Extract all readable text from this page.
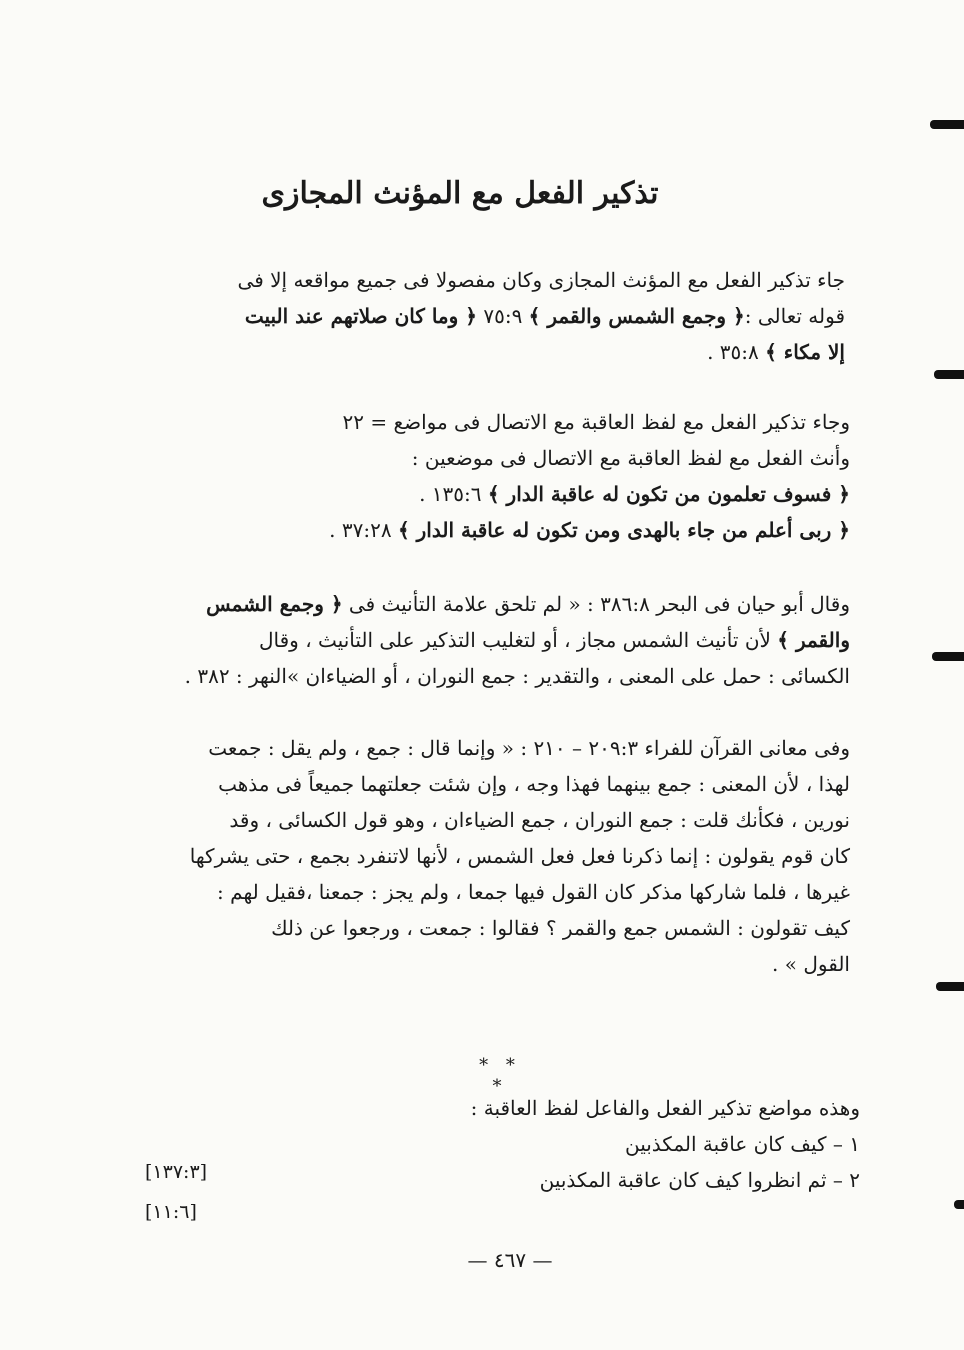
تذكير الفعل مع المؤنث المجازى
جاء تذكير الفعل مع المؤنث المجازى وكان مفصولا فى جميع مواقعه إلا فى
قوله تعالى :﴿ وجمع الشمس والقمر ﴾ ٧٥:٩ ﴿ وما كان صلاتهم عند البيت
إلا مكاء ﴾ ٣٥:٨ .
وجاء تذكير الفعل مع لفظ العاقبة مع الاتصال فى مواضع = ٢٢
وأنث الفعل مع لفظ العاقبة مع الاتصال فى موضعين :
﴿ فسوف تعلمون من تكون له عاقبة الدار ﴾ ١٣٥:٦ .
﴿ ربى أعلم من جاء بالهدى ومن تكون له عاقبة الدار ﴾ ٣٧:٢٨ .
وقال أبو حيان فى البحر ٣٨٦:٨ : « لم تلحق علامة التأنيث فى ﴿ وجمع الشمس
والقمر ﴾ لأن تأنيث الشمس مجاز ، أو لتغليب التذكير على التأنيث ، وقال
الكسائى : حمل على المعنى ، والتقدير : جمع النوران ، أو الضياءان »النهر : ٣٨٢ .
وفى معانى القرآن للفراء ٢٠٩:٣ – ٢١٠ : « وإنما قال : جمع ، ولم يقل : جمعت
لهذا ، لأن المعنى : جمع بينهما فهذا وجه ، وإن شئت جعلتهما جميعاً فى مذهب
نورين ، فكأنك قلت : جمع النوران ، جمع الضياءان ، وهو قول الكسائى ، وقد
كان قوم يقولون : إنما ذكرنا فعل فعل الشمس ، لأنها لاتنفرد بجمع ، حتى يشركها
غيرها ، فلما شاركها مذكر كان القول فيها جمعا ، ولم يجز : جمعنا ،فقيل لهم :
كيف تقولون : الشمس جمع والقمر ؟ فقالوا : جمعت ، ورجعوا عن ذلك
القول » .
* * *
وهذه مواضع تذكير الفعل والفاعل لفظ العاقبة :
١ – كيف كان عاقبة المكذبين
٢ – ثم انظروا كيف كان عاقبة المكذبين
[١٣٧:٣]
[١١:٦]
— ٤٦٧ —
